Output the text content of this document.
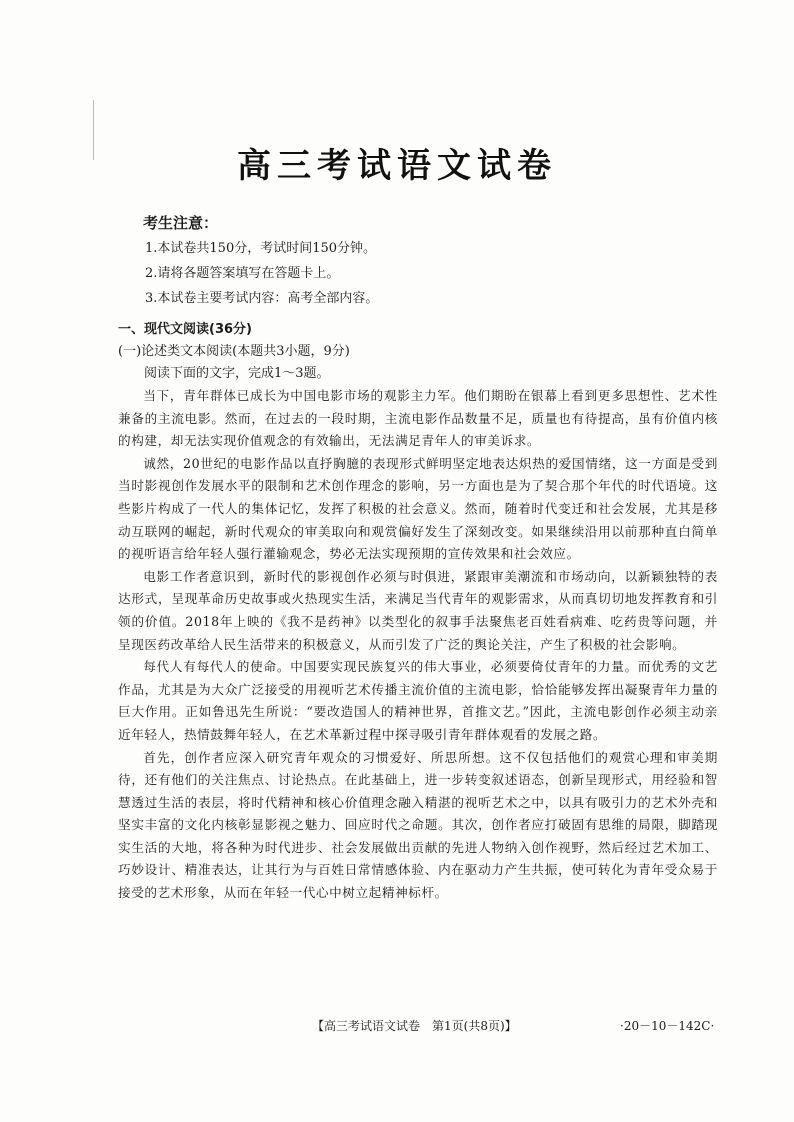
高三考试语文试卷
考生注意：
1.本试卷共150分，考试时间150分钟。
2.请将各题答案填写在答题卡上。
3.本试卷主要考试内容：高考全部内容。
一、现代文阅读(36分)
(一)论述类文本阅读(本题共3小题，9分)
阅读下面的文字，完成1～3题。

当下，青年群体已成长为中国电影市场的观影主力军。他们期盼在银幕上看到更多思想性、艺术性兼备的主流电影。然而，在过去的一段时期，主流电影作品数量不足，质量也有待提高，虽有价值内核的构建，却无法实现价值观念的有效输出，无法满足青年人的审美诉求。

诚然，20世纪的电影作品以直抒胸臆的表现形式鲜明坚定地表达炽热的爱国情绪，这一方面是受到当时影视创作发展水平的限制和艺术创作理念的影响，另一方面也是为了契合那个年代的时代语境。这些影片构成了一代人的集体记忆，发挥了积极的社会意义。然而，随着时代变迁和社会发展，尤其是移动互联网的崛起，新时代观众的审美取向和观赏偏好发生了深刻改变。如果继续沿用以前那种直白简单的视听语言给年轻人强行灌输观念，势必无法实现预期的宣传效果和社会效应。

电影工作者意识到，新时代的影视创作必须与时俱进，紧跟审美潮流和市场动向，以新颖独特的表达形式，呈现革命历史故事或火热现实生活，来满足当代青年的观影需求，从而真切切地发挥教育和引领的价值。2018年上映的《我不是药神》以类型化的叙事手法聚焦老百姓看病难、吃药贵等问题，并呈现医药改革给人民生活带来的积极意义，从而引发了广泛的舆论关注，产生了积极的社会影响。

每代人有每代人的使命。中国要实现民族复兴的伟大事业，必须要倚仗青年的力量。而优秀的文艺作品，尤其是为大众广泛接受的用视听艺术传播主流价值的主流电影，恰恰能够发挥出凝聚青年力量的巨大作用。正如鲁迅先生所说：“要改造国人的精神世界，首推文艺。”因此，主流电影创作必须主动亲近年轻人，热情鼓舞年轻人，在艺术革新过程中探寻吸引青年群体观看的发展之路。

首先，创作者应深入研究青年观众的习惯爱好、所思所想。这不仅包括他们的观赏心理和审美期待，还有他们的关注焦点、讨论热点。在此基础上，进一步转变叙述语态，创新呈现形式，用经验和智慧透过生活的表层，将时代精神和核心价值理念融入精湛的视听艺术之中，以具有吸引力的艺术外壳和坚实丰富的文化内核彰显影视之魅力、回应时代之命题。其次，创作者应打破固有思维的局限，脚踏现实生活的大地，将各种为时代进步、社会发展做出贡献的先进人物纳入创作视野，然后经过艺术加工、巧妙设计、精准表达，让其行为与百姓日常情感体验、内在驱动力产生共振，使可转化为青年受众易于接受的艺术形象，从而在年轻一代心中树立起精神标杆。

【高三考试语文试卷　第1页(共8页)】	·20－10－142C·
